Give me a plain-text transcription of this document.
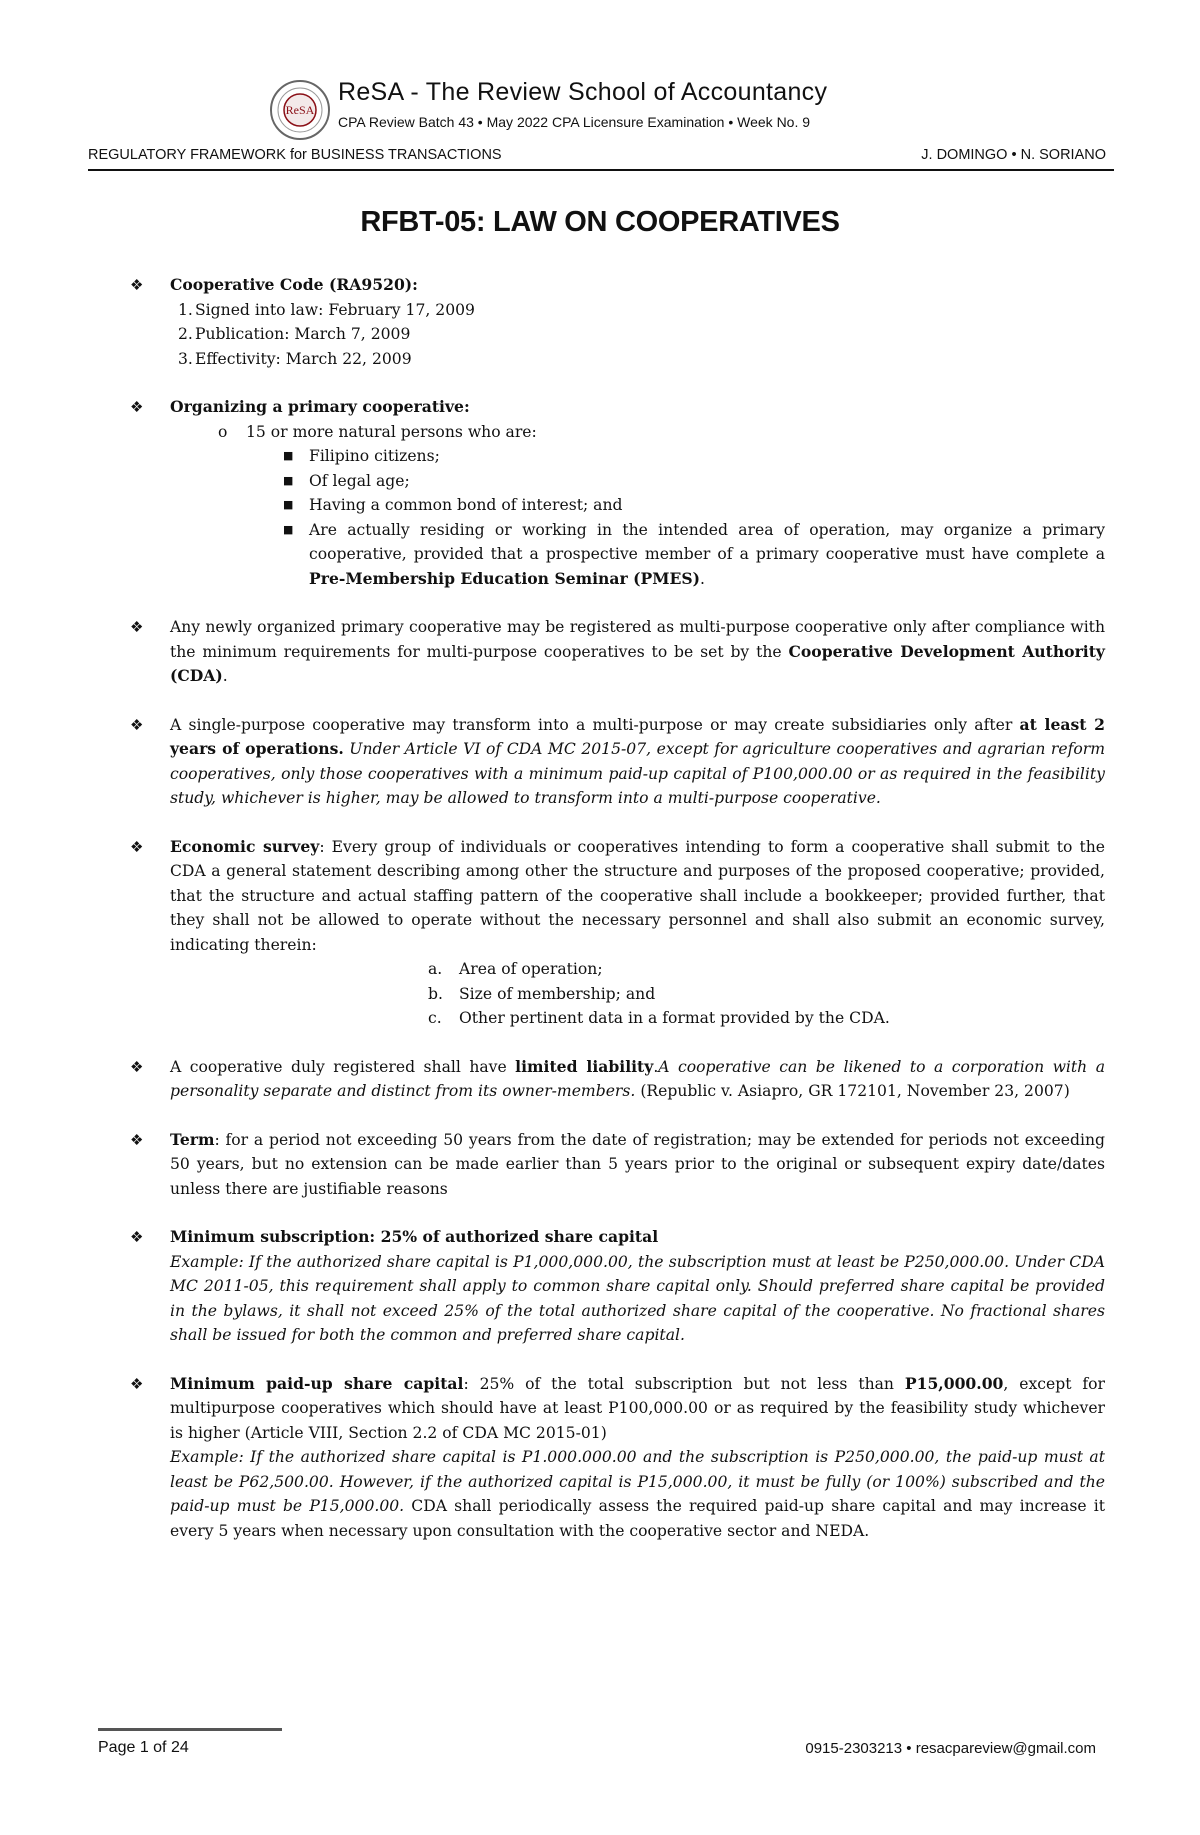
ReSA
ReSA - The Review School of Accountancy
CPA Review Batch 43 • May 2022 CPA Licensure Examination • Week No. 9
REGULATORY FRAMEWORK for BUSINESS TRANSACTIONS	J. DOMINGO • N. SORIANO
RFBT-05: LAW ON COOPERATIVES
❖ Cooperative Code (RA9520):
1. Signed into law: February 17, 2009
2. Publication: March 7, 2009
3. Effectivity: March 22, 2009
❖ Organizing a primary cooperative:
o 15 or more natural persons who are:
■ Filipino citizens;
■ Of legal age;
■ Having a common bond of interest; and
■ Are actually residing or working in the intended area of operation, may organize a primary cooperative, provided that a prospective member of a primary cooperative must have complete a Pre-Membership Education Seminar (PMES).
❖ Any newly organized primary cooperative may be registered as multi-purpose cooperative only after compliance with the minimum requirements for multi-purpose cooperatives to be set by the Cooperative Development Authority (CDA).
❖ A single-purpose cooperative may transform into a multi-purpose or may create subsidiaries only after at least 2 years of operations. Under Article VI of CDA MC 2015-07, except for agriculture cooperatives and agrarian reform cooperatives, only those cooperatives with a minimum paid-up capital of P100,000.00 or as required in the feasibility study, whichever is higher, may be allowed to transform into a multi-purpose cooperative.
❖ Economic survey: Every group of individuals or cooperatives intending to form a cooperative shall submit to the CDA a general statement describing among other the structure and purposes of the proposed cooperative; provided, that the structure and actual staffing pattern of the cooperative shall include a bookkeeper; provided further, that they shall not be allowed to operate without the necessary personnel and shall also submit an economic survey, indicating therein:
a. Area of operation;
b. Size of membership; and
c. Other pertinent data in a format provided by the CDA.
❖ A cooperative duly registered shall have limited liability.A cooperative can be likened to a corporation with a personality separate and distinct from its owner-members. (Republic v. Asiapro, GR 172101, November 23, 2007)
❖ Term: for a period not exceeding 50 years from the date of registration; may be extended for periods not exceeding 50 years, but no extension can be made earlier than 5 years prior to the original or subsequent expiry date/dates unless there are justifiable reasons
❖ Minimum subscription: 25% of authorized share capital
Example: If the authorized share capital is P1,000,000.00, the subscription must at least be P250,000.00. Under CDA MC 2011-05, this requirement shall apply to common share capital only. Should preferred share capital be provided in the bylaws, it shall not exceed 25% of the total authorized share capital of the cooperative. No fractional shares shall be issued for both the common and preferred share capital.
❖ Minimum paid-up share capital: 25% of the total subscription but not less than P15,000.00, except for multipurpose cooperatives which should have at least P100,000.00 or as required by the feasibility study whichever is higher (Article VIII, Section 2.2 of CDA MC 2015-01)
Example: If the authorized share capital is P1.000.000.00 and the subscription is P250,000.00, the paid-up must at least be P62,500.00. However, if the authorized capital is P15,000.00, it must be fully (or 100%) subscribed and the paid-up must be P15,000.00. CDA shall periodically assess the required paid-up share capital and may increase it every 5 years when necessary upon consultation with the cooperative sector and NEDA.
Page 1 of 24	0915-2303213 • resacpareview@gmail.com
